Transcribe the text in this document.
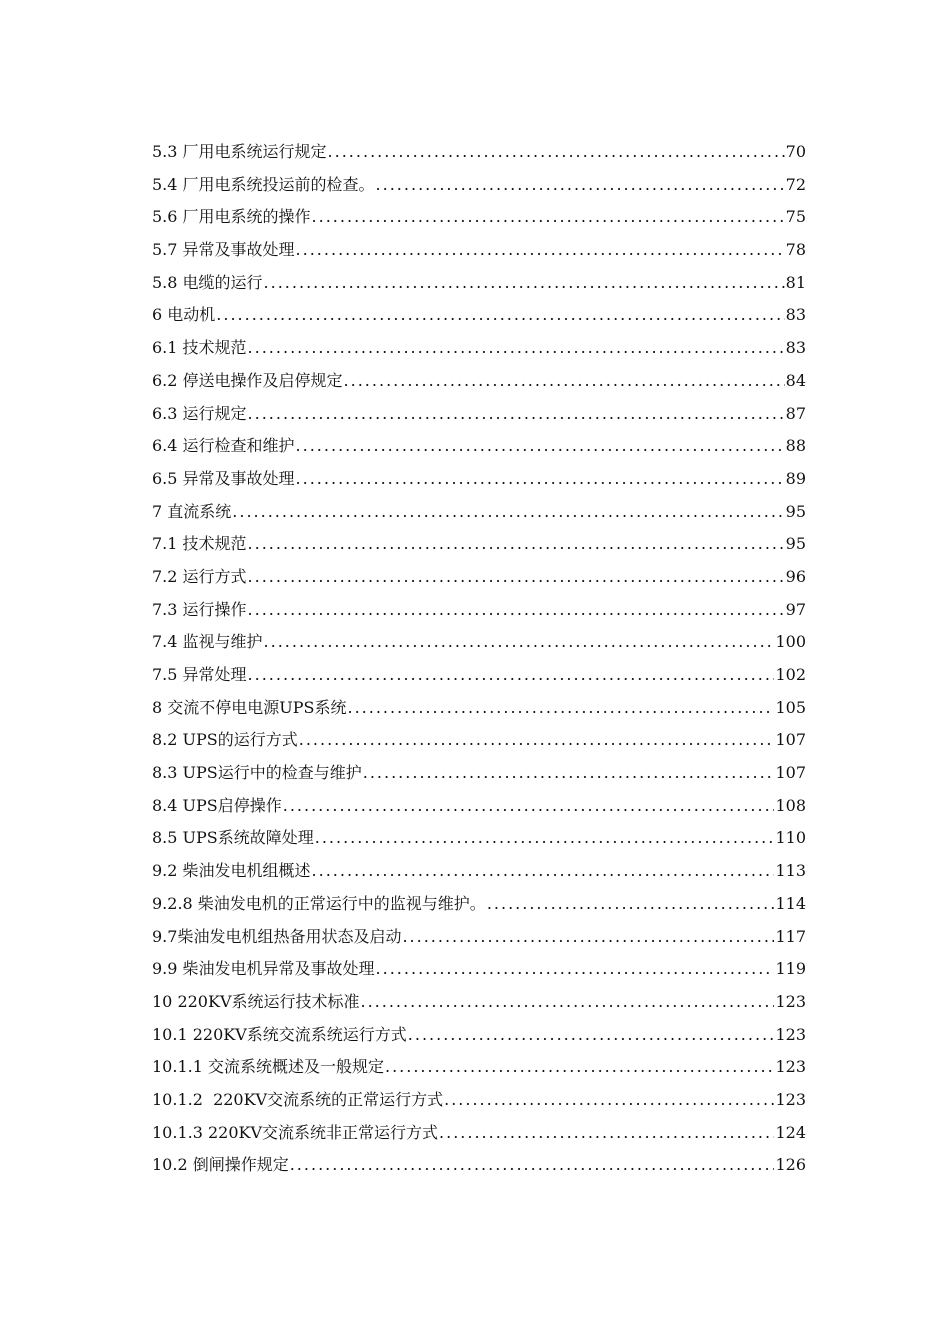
5.3 厂用电系统运行规定 .....	70
5.4 厂用电系统投运前的检查。 .....	72
5.6 厂用电系统的操作 .....	75
5.7 异常及事故处理 .....	78
5.8 电缆的运行 .....	81
6 电动机 .....	83
6.1 技术规范 .....	83
6.2 停送电操作及启停规定 .....	84
6.3 运行规定 .....	87
6.4 运行检查和维护 .....	88
6.5 异常及事故处理 .....	89
7 直流系统 .....	95
7.1 技术规范 .....	95
7.2 运行方式 .....	96
7.3 运行操作 .....	97
7.4 监视与维护 .....	100
7.5 异常处理 .....	102
8 交流不停电电源UPS系统 .....	105
8.2 UPS的运行方式 .....	107
8.3 UPS运行中的检查与维护 .....	107
8.4 UPS启停操作 .....	108
8.5 UPS系统故障处理 .....	110
9.2 柴油发电机组概述 .....	113
9.2.8 柴油发电机的正常运行中的监视与维护。 .....	114
9.7柴油发电机组热备用状态及启动 .....	117
9.9 柴油发电机异常及事故处理 .....	119
10 220KV系统运行技术标准 .....	123
10.1 220KV系统交流系统运行方式 .....	123
10.1.1 交流系统概述及一般规定 .....	123
10.1.2  220KV交流系统的正常运行方式 .....	123
10.1.3 220KV交流系统非正常运行方式 .....	124
10.2 倒闸操作规定 .....	126
